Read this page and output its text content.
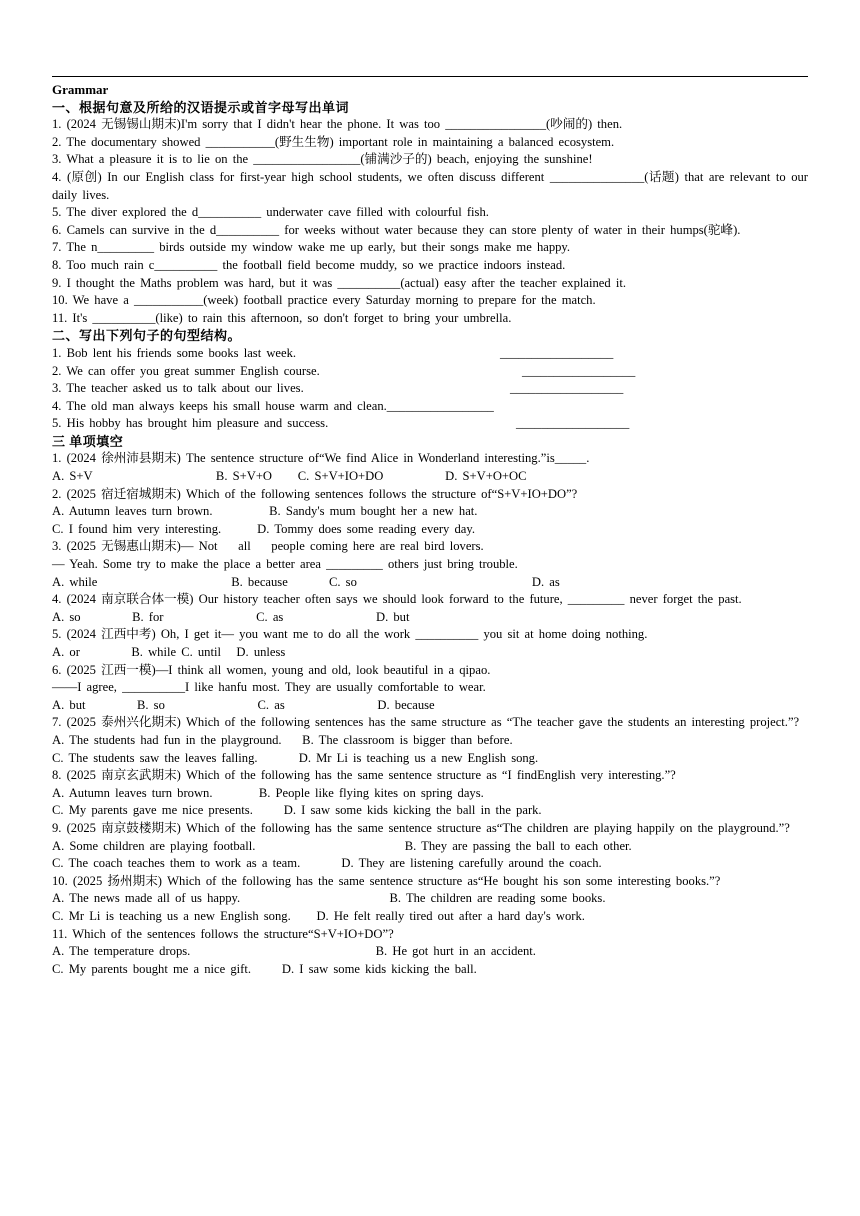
Grammar
一、根据句意及所给的汉语提示或首字母写出单词
1. (2024 无锡锡山期末)I'm sorry that I didn't hear the phone. It was too ________________(吵闹的) then.
2. The documentary showed ___________(野生生物) important role in maintaining a balanced ecosystem.
3. What a pleasure it is to lie on the _________________(铺满沙子的) beach, enjoying the sunshine!
4. (原创) In our English class for first-year high school students, we often discuss different _______________(话题) that are relevant to our daily lives.
5. The diver explored the d__________ underwater cave filled with colourful fish.
6. Camels can survive in the d__________ for weeks without water because they can store plenty of water in their humps(驼峰).
7. The n_________ birds outside my window wake me up early, but their songs make me happy.
8. Too much rain c__________ the football field become muddy, so we practice indoors instead.
9. I thought the Maths problem was hard, but it was __________(actual) easy after the teacher explained it.
10. We have a ___________(week) football practice every Saturday morning to prepare for the match.
11. It's __________(like) to rain this afternoon, so don't forget to bring your umbrella.
二、写出下列句子的句型结构。
1. Bob lent his friends some books last week.	__________________
2. We can offer you great summer English course.	__________________
3. The teacher asked us to talk about our lives.	__________________
4. The old man always keeps his small house warm and clean. _________________
5. His hobby has brought him pleasure and success.	__________________
三 单项填空
1. (2024 徐州沛县期末) The sentence structure of“We find Alice in Wonderland interesting.”is_____.
A. S+V                        B. S+V+O     C. S+V+IO+DO            D. S+V+O+OC
2. (2025 宿迁宿城期末) Which of the following sentences follows the structure of“S+V+IO+DO”?
A. Autumn leaves turn brown.           B. Sandy's mum bought her a new hat.
C. I found him very interesting.       D. Tommy does some reading every day.
3. (2025 无锡惠山期末)— Not    all    people coming here are real bird lovers.
— Yeah. Some try to make the place a better area _________ others just bring trouble.
A. while                          B. because        C. so                                  D. as
4. (2024 南京联合体一模) Our history teacher often says we should look forward to the future, _________ never forget the past.
A. so          B. for                  C. as                  D. but
5. (2024 江西中考) Oh, I get it— you want me to do all the work __________ you sit at home doing nothing.
A. or          B. while C. until   D. unless
6. (2025 江西一模)—I think all women, young and old, look beautiful in a qipao.
——I agree, __________I like hanfu most. They are usually comfortable to wear.
A. but          B. so                  C. as                  D. because
7. (2025 泰州兴化期末) Which of the following sentences has the same structure as “The teacher gave the students an interesting project.”?
A. The students had fun in the playground.    B. The classroom is bigger than before.
C. The students saw the leaves falling.        D. Mr Li is teaching us a new English song.
8. (2025 南京玄武期末) Which of the following has the same sentence structure as “I findEnglish very interesting.”?
A. Autumn leaves turn brown.         B. People like flying kites on spring days.
C. My parents gave me nice presents.      D. I saw some kids kicking the ball in the park.
9. (2025 南京鼓楼期末) Which of the following has the same sentence structure as“The children are playing happily on the playground.”?
A. Some children are playing football.                             B. They are passing the ball to each other.
C. The coach teaches them to work as a team.        D. They are listening carefully around the coach.
10. (2025 扬州期末) Which of the following has the same sentence structure as“He bought his son some interesting books.”?
A. The news made all of us happy.                             B. The children are reading some books.
C. Mr Li is teaching us a new English song.     D. He felt really tired out after a hard day's work.
11. Which of the sentences follows the structure“S+V+IO+DO”?
A. The temperature drops.                                    B. He got hurt in an accident.
C. My parents bought me a nice gift.      D. I saw some kids kicking the ball.
